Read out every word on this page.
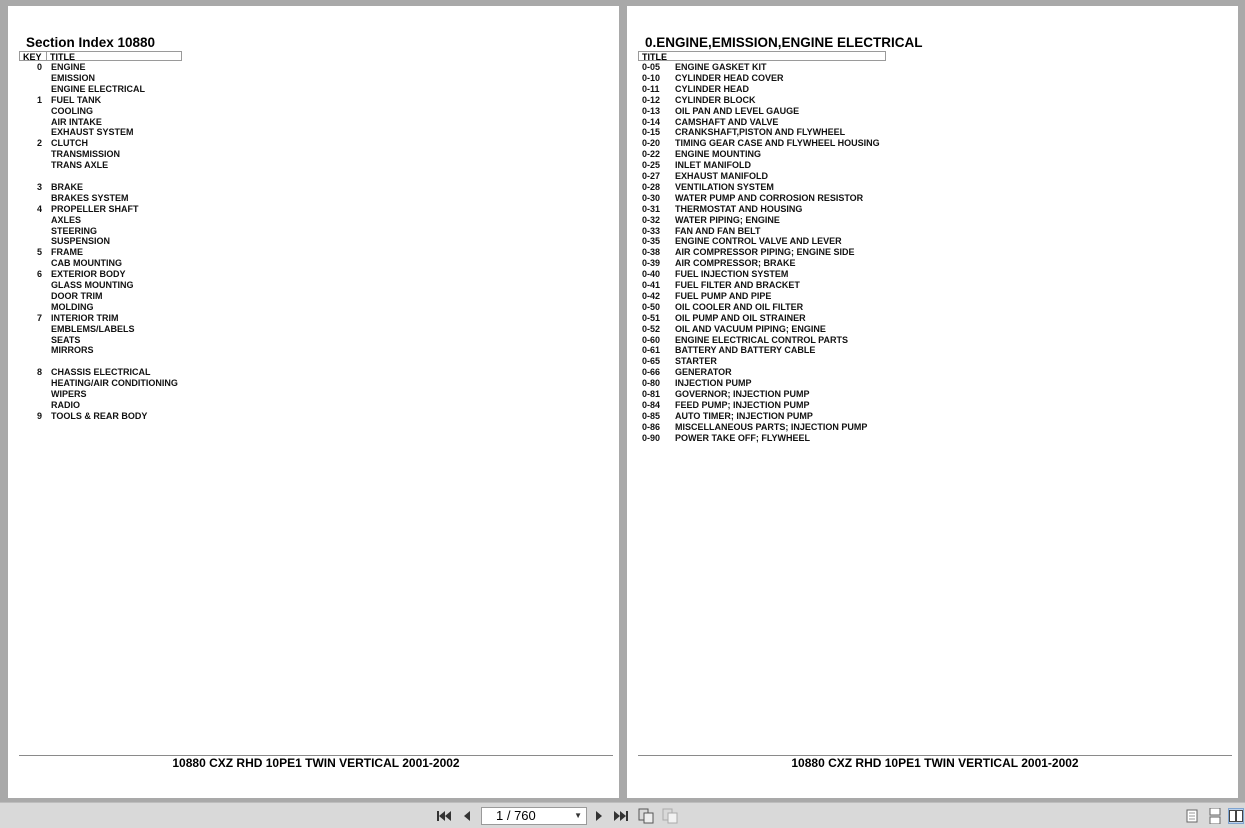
Section Index 10880
KEY TITLE
0 ENGINE
EMISSION
ENGINE ELECTRICAL
1 FUEL TANK
COOLING
AIR INTAKE
EXHAUST SYSTEM
2 CLUTCH
TRANSMISSION
TRANS AXLE
3 BRAKE
BRAKES SYSTEM
4 PROPELLER SHAFT
AXLES
STEERING
SUSPENSION
5 FRAME
CAB MOUNTING
6 EXTERIOR BODY
GLASS MOUNTING
DOOR TRIM
MOLDING
7 INTERIOR TRIM
EMBLEMS/LABELS
SEATS
MIRRORS
8 CHASSIS ELECTRICAL
HEATING/AIR CONDITIONING
WIPERS
RADIO
9 TOOLS & REAR BODY
10880 CXZ RHD 10PE1 TWIN VERTICAL 2001-2002
0.ENGINE,EMISSION,ENGINE ELECTRICAL
TITLE
0-05	ENGINE GASKET KIT
0-10	CYLINDER HEAD COVER
0-11	CYLINDER HEAD
0-12	CYLINDER BLOCK
0-13	OIL PAN AND LEVEL GAUGE
0-14	CAMSHAFT AND VALVE
0-15	CRANKSHAFT,PISTON AND FLYWHEEL
0-20	TIMING GEAR CASE AND FLYWHEEL HOUSING
0-22	ENGINE MOUNTING
0-25	INLET MANIFOLD
0-27	EXHAUST MANIFOLD
0-28	VENTILATION SYSTEM
0-30	WATER PUMP AND CORROSION RESISTOR
0-31	THERMOSTAT AND HOUSING
0-32	WATER PIPING; ENGINE
0-33	FAN AND FAN BELT
0-35	ENGINE CONTROL VALVE AND LEVER
0-38	AIR COMPRESSOR PIPING; ENGINE SIDE
0-39	AIR COMPRESSOR; BRAKE
0-40	FUEL INJECTION SYSTEM
0-41	FUEL FILTER AND BRACKET
0-42	FUEL PUMP AND PIPE
0-50	OIL COOLER AND OIL FILTER
0-51	OIL PUMP AND OIL STRAINER
0-52	OIL AND VACUUM PIPING; ENGINE
0-60	ENGINE ELECTRICAL CONTROL PARTS
0-61	BATTERY AND BATTERY CABLE
0-65	STARTER
0-66	GENERATOR
0-80	INJECTION PUMP
0-81	GOVERNOR; INJECTION PUMP
0-84	FEED PUMP; INJECTION PUMP
0-85	AUTO TIMER; INJECTION PUMP
0-86	MISCELLANEOUS PARTS; INJECTION PUMP
0-90	POWER TAKE OFF; FLYWHEEL
10880 CXZ RHD 10PE1 TWIN VERTICAL 2001-2002
1 / 760	▼
